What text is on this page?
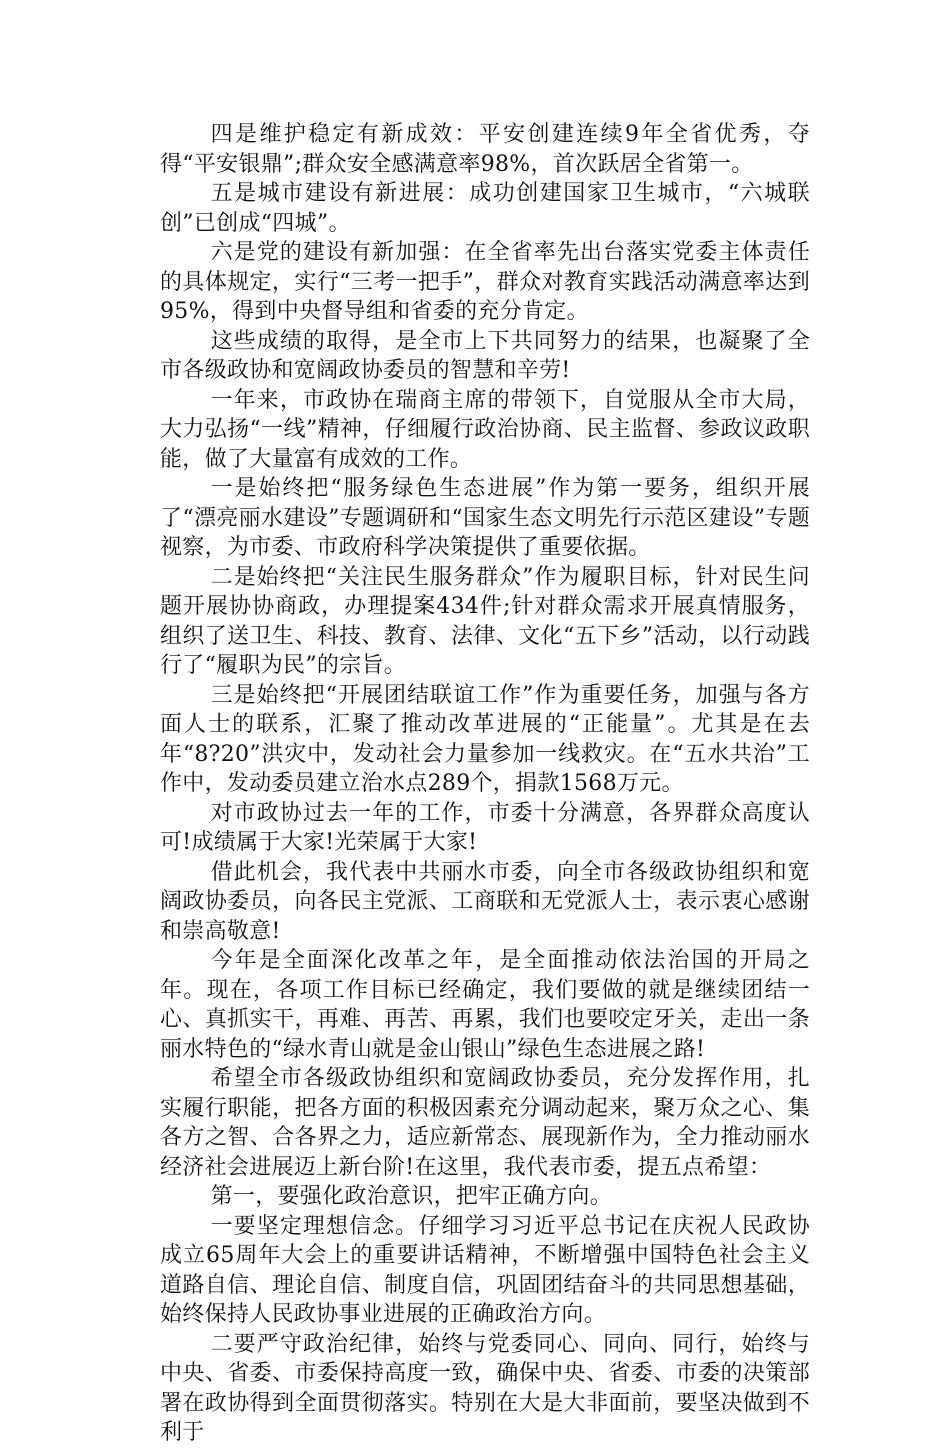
四是维护稳定有新成效：平安创建连续9年全省优秀，夺得“平安银鼎”;群众安全感满意率98%，首次跃居全省第一。

五是城市建设有新进展：成功创建国家卫生城市，“六城联创”已创成“四城”。

六是党的建设有新加强：在全省率先出台落实党委主体责任的具体规定，实行“三考一把手”，群众对教育实践活动满意率达到95%，得到中央督导组和省委的充分肯定。

这些成绩的取得，是全市上下共同努力的结果，也凝聚了全市各级政协和宽阔政协委员的智慧和辛劳!

一年来，市政协在瑞商主席的带领下，自觉服从全市大局，大力弘扬“一线”精神，仔细履行政治协商、民主监督、参政议政职能，做了大量富有成效的工作。

一是始终把“服务绿色生态进展”作为第一要务，组织开展了“漂亮丽水建设”专题调研和“国家生态文明先行示范区建设”专题视察，为市委、市政府科学决策提供了重要依据。

二是始终把“关注民生服务群众”作为履职目标，针对民生问题开展协协商政，办理提案434件;针对群众需求开展真情服务，组织了送卫生、科技、教育、法律、文化“五下乡”活动，以行动践行了“履职为民”的宗旨。

三是始终把“开展团结联谊工作”作为重要任务，加强与各方面人士的联系，汇聚了推动改革进展的“正能量”。尤其是在去年“8?20”洪灾中，发动社会力量参加一线救灾。在“五水共治”工作中，发动委员建立治水点289个，捐款1568万元。

对市政协过去一年的工作，市委十分满意，各界群众高度认可!成绩属于大家!光荣属于大家!

借此机会，我代表中共丽水市委，向全市各级政协组织和宽阔政协委员，向各民主党派、工商联和无党派人士，表示衷心感谢和崇高敬意!

今年是全面深化改革之年，是全面推动依法治国的开局之年。现在，各项工作目标已经确定，我们要做的就是继续团结一心、真抓实干，再难、再苦、再累，我们也要咬定牙关，走出一条丽水特色的“绿水青山就是金山银山”绿色生态进展之路!

希望全市各级政协组织和宽阔政协委员，充分发挥作用，扎实履行职能，把各方面的积极因素充分调动起来，聚万众之心、集各方之智、合各界之力，适应新常态、展现新作为，全力推动丽水经济社会进展迈上新台阶!在这里，我代表市委，提五点希望：

第一，要强化政治意识，把牢正确方向。

一要坚定理想信念。仔细学习习近平总书记在庆祝人民政协成立65周年大会上的重要讲话精神，不断增强中国特色社会主义道路自信、理论自信、制度自信，巩固团结奋斗的共同思想基础，始终保持人民政协事业进展的正确政治方向。

二要严守政治纪律，始终与党委同心、同向、同行，始终与中央、省委、市委保持高度一致，确保中央、省委、市委的决策部署在政协得到全面贯彻落实。特别在大是大非面前，要坚决做到不利于
